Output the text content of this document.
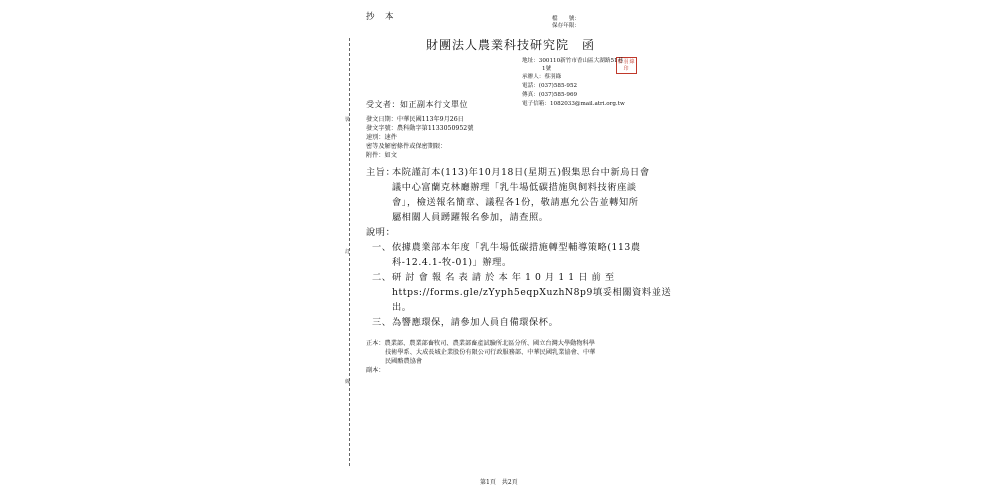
裝
訂
線
抄　本	檔　　號：
保存年限：
財團法人農業科技研究院　函
蔡羽綠印
地址：300110新竹市香山區大湖路51巷
1號
承辦人：蔡羽綠
電話：(037)585-952
傳真：(037)585-969
電子信箱：1082033@mail.atri.org.tw
受文者：如正副本行文單位
發文日期：中華民國113年9月26日
發文字號：農科動字第1133050952號
速別：速件
密等及解密條件或保密期限：
附件：如文
主旨：
本院謹訂本(113)年10月18日(星期五)假集思台中新烏日會
議中心富蘭克林廳辦理「乳牛場低碳措施與飼料技術座談
會」，檢送報名簡章、議程各1份，敬請惠允公告並轉知所
屬相關人員踴躍報名參加，請查照。
說明：
一、 依據農業部本年度「乳牛場低碳措施轉型輔導策略(113農
科-12.4.1-牧-01)」辦理。
二、 研 討 會 報 名 表 請 於 本 年 1 0 月 1 1 日 前 至
https://forms.gle/zYyph5eqpXuzhN8p9填妥相關資料並送
出。
三、 為響應環保，請參加人員自備環保杯。
正本：農業部、農業部畜牧司、農業部畜產試驗所北區分所、國立台灣大學動物科學
技術學系、大成長城企業股份有限公司行政服務部、中華民國乳業協會、中華
民國酪農協會
副本：
第1頁　共2頁
